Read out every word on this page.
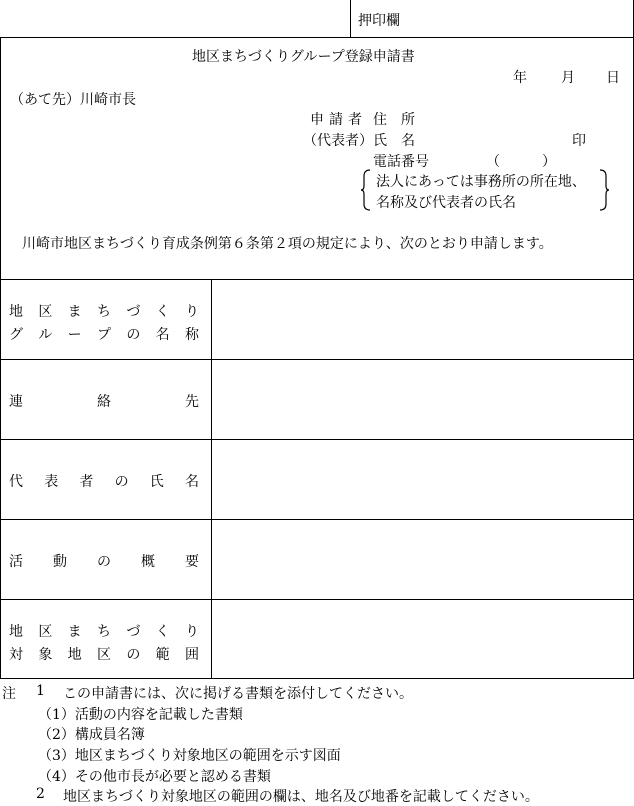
押印欄
地区まちづくりグループ登録申請書
年 月 日
（あて先）川崎市長
申請者 住　所
（代表者） 氏　名	印
電話番号	（　　　）
法人にあっては事務所の所在地、
名称及び代表者の氏名
川崎市地区まちづくり育成条例第６条第２項の規定により、次のとおり申請します。
地 区 ま ち づ く り
グ ル ー プ の 名 称
連	絡	先
代 表 者 の 氏 名
活 動 の 概 要
地 区 ま ち づ く り
対 象 地 区 の 範 囲
注 1 この申請書には、次に掲げる書類を添付してください。
（1）活動の内容を記載した書類
（2）構成員名簿
（3）地区まちづくり対象地区の範囲を示す図面
（4）その他市長が必要と認める書類
2 地区まちづくり対象地区の範囲の欄は、地名及び地番を記載してください。
